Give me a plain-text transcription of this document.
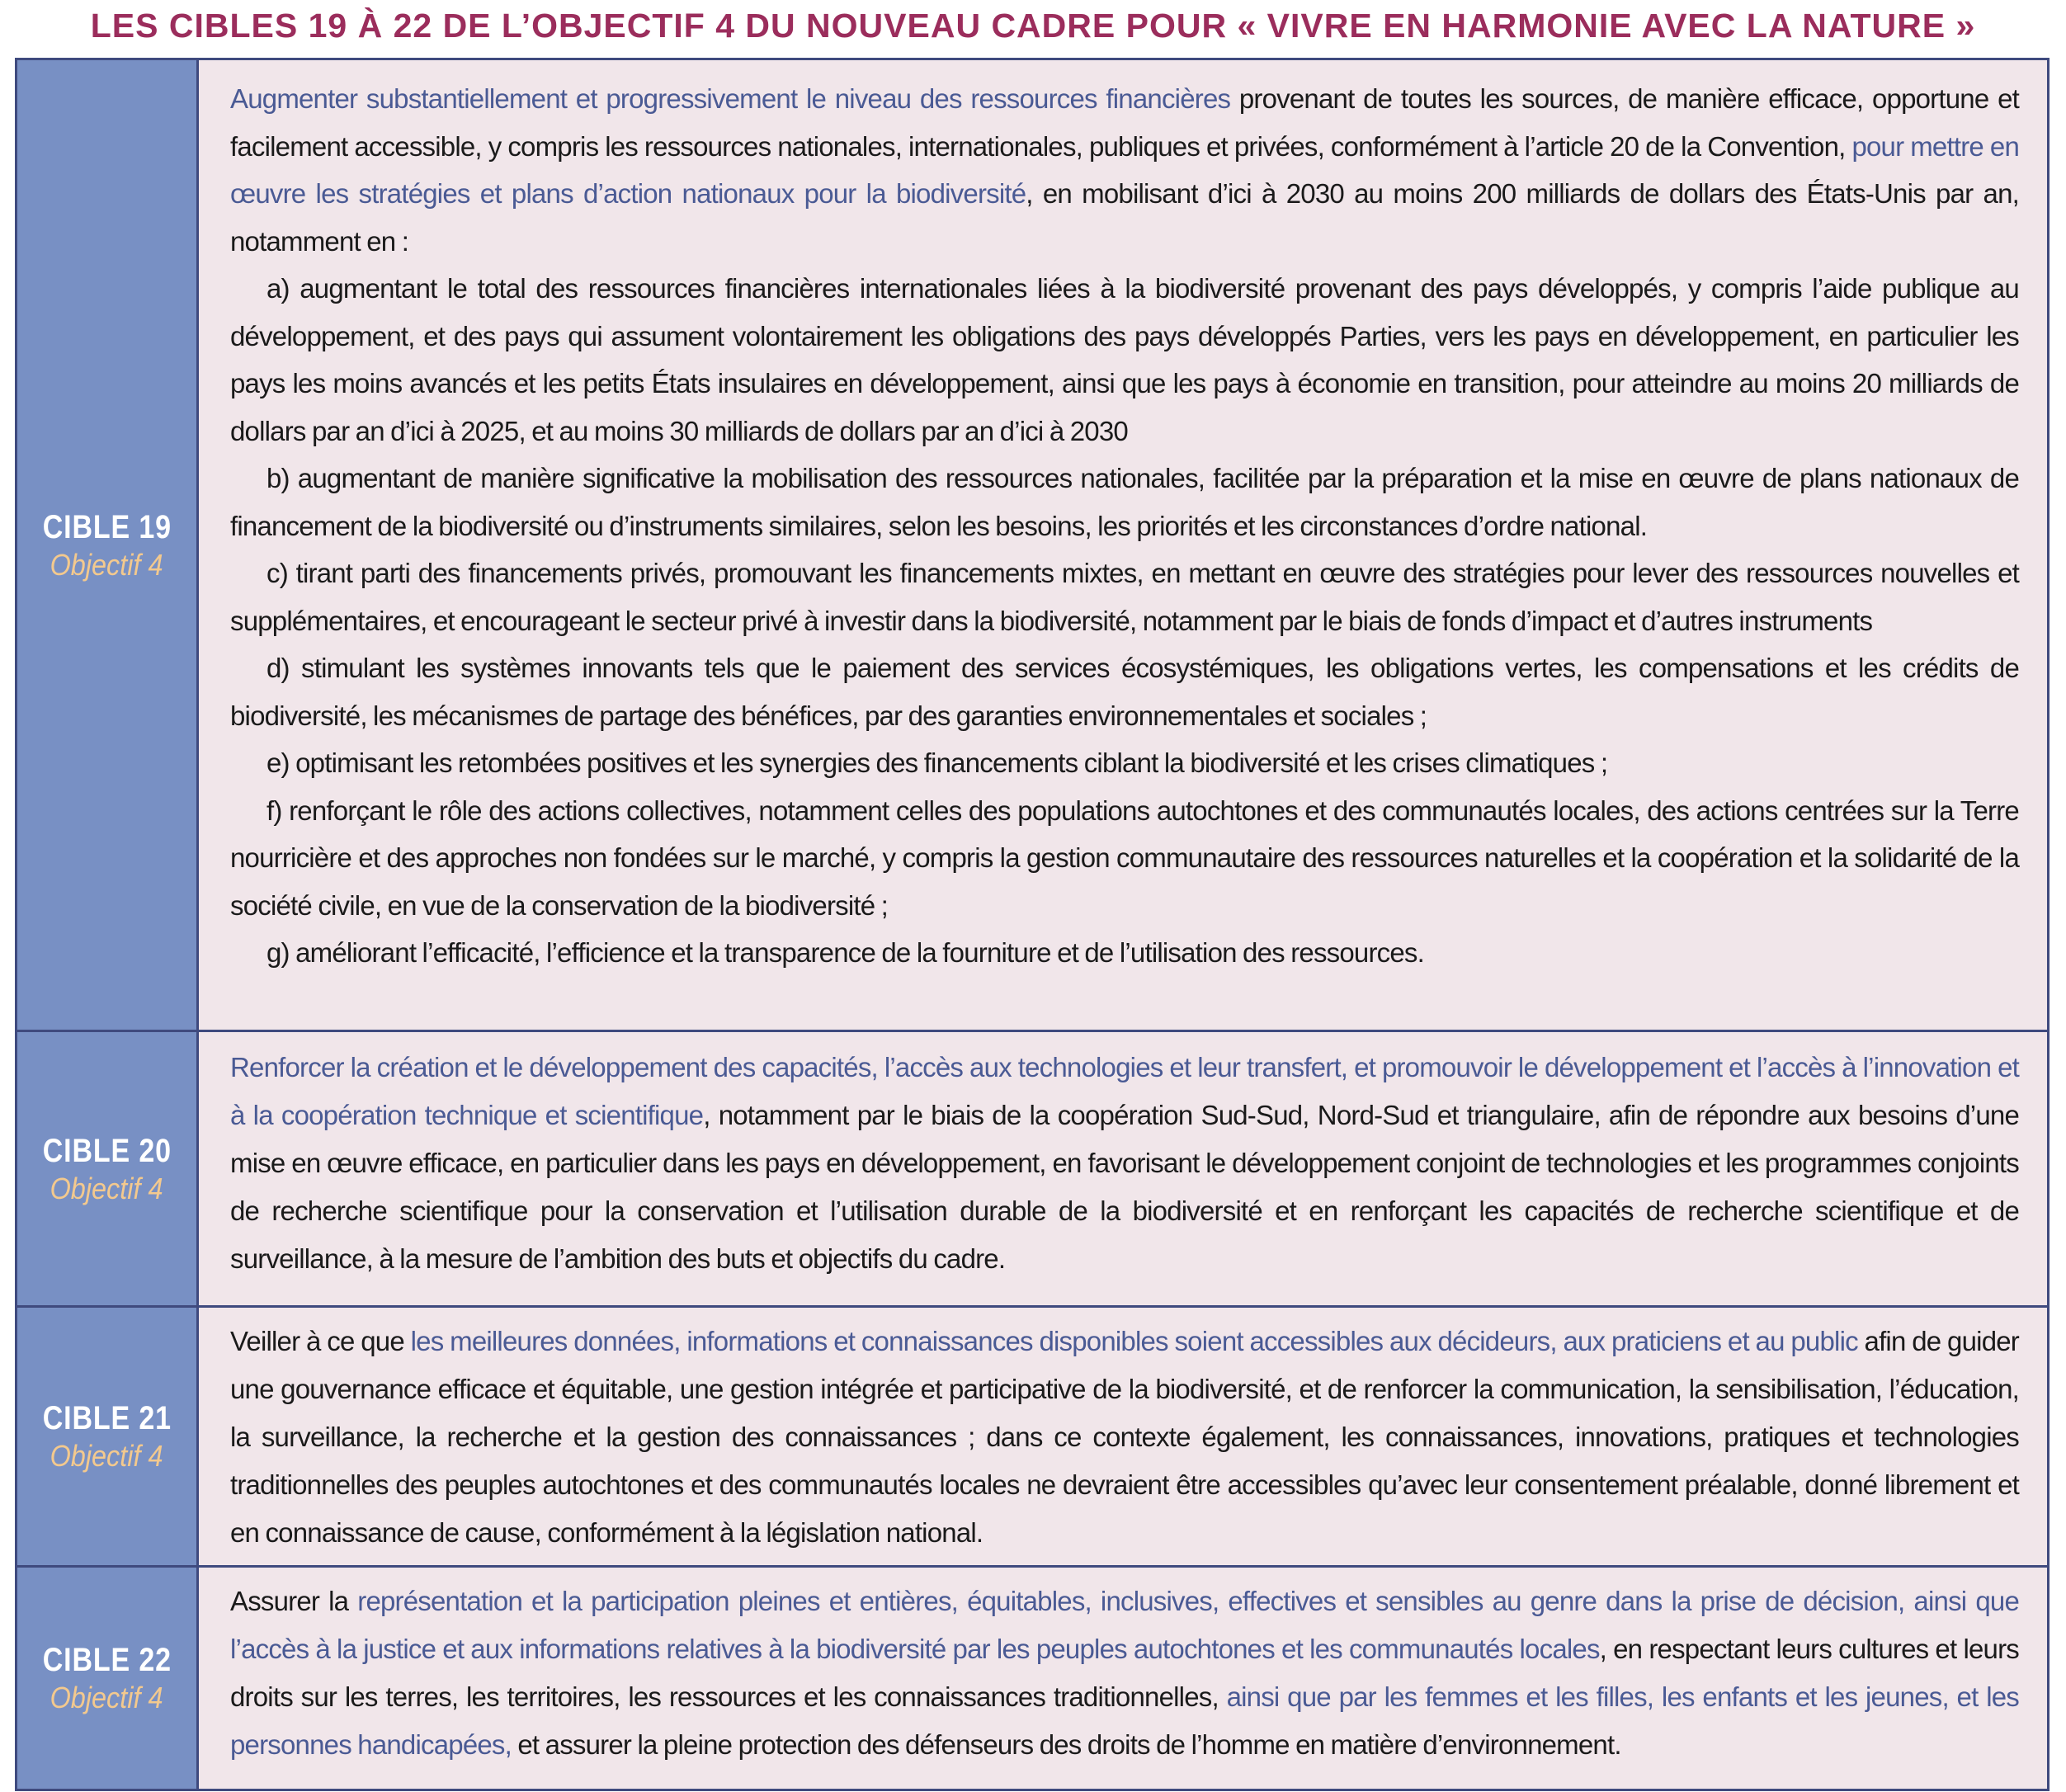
LES CIBLES 19 À 22 DE L’OBJECTIF 4 DU NOUVEAU CADRE POUR « VIVRE EN HARMONIE AVEC LA NATURE »
CIBLE 19
Objectif 4

Augmenter substantiellement et progressivement le niveau des ressources financières provenant de toutes les sources, de manière efficace, opportune et facilement accessible, y compris les ressources nationales, internationales, publiques et privées, conformément à l’article 20 de la Convention, pour mettre en œuvre les stratégies et plans d’action nationaux pour la biodiversité, en mobilisant d’ici à 2030 au moins 200 milliards de dollars des États-Unis par an, notamment en :

a) augmentant le total des ressources financières internationales liées à la biodiversité provenant des pays développés, y compris l’aide publique au développement, et des pays qui assument volontairement les obligations des pays développés Parties, vers les pays en développement, en particulier les pays les moins avancés et les petits États insulaires en développement, ainsi que les pays à économie en transition, pour atteindre au moins 20 milliards de dollars par an d’ici à 2025, et au moins 30 milliards de dollars par an d’ici à 2030

b) augmentant de manière significative la mobilisation des ressources nationales, facilitée par la préparation et la mise en œuvre de plans nationaux de financement de la biodiversité ou d’instruments similaires, selon les besoins, les priorités et les circonstances d’ordre national.

c) tirant parti des financements privés, promouvant les financements mixtes, en mettant en œuvre des stratégies pour lever des ressources nouvelles et supplémentaires, et encourageant le secteur privé à investir dans la biodiversité, notamment par le biais de fonds d’impact et d’autres instruments

d) stimulant les systèmes innovants tels que le paiement des services écosystémiques, les obligations vertes, les compensations et les crédits de biodiversité, les mécanismes de partage des bénéfices, par des garanties environnementales et sociales ;

e) optimisant les retombées positives et les synergies des financements ciblant la biodiversité et les crises climatiques ;

f) renforçant le rôle des actions collectives, notamment celles des populations autochtones et des communautés locales, des actions centrées sur la Terre nourricière et des approches non fondées sur le marché, y compris la gestion communautaire des ressources naturelles et la coopération et la solidarité de la société civile, en vue de la conservation de la biodiversité ;

g) améliorant l’efficacité, l’efficience et la transparence de la fourniture et de l’utilisation des ressources.

CIBLE 20
Objectif 4

Renforcer la création et le développement des capacités, l’accès aux technologies et leur transfert, et promouvoir le développement et l’accès à l’innovation et à la coopération technique et scientifique, notamment par le biais de la coopération Sud-Sud, Nord-Sud et triangulaire, afin de répondre aux besoins d’une mise en œuvre efficace, en particulier dans les pays en développement, en favorisant le développement conjoint de technologies et les programmes conjoints de recherche scientifique pour la conservation et l’utilisation durable de la biodiversité et en renforçant les capacités de recherche scientifique et de surveillance, à la mesure de l’ambition des buts et objectifs du cadre.

CIBLE 21
Objectif 4

Veiller à ce que les meilleures données, informations et connaissances disponibles soient accessibles aux décideurs, aux praticiens et au public afin de guider une gouvernance efficace et équitable, une gestion intégrée et participative de la biodiversité, et de renforcer la communication, la sensibilisation, l’éducation, la surveillance, la recherche et la gestion des connaissances ; dans ce contexte également, les connaissances, innovations, pratiques et technologies traditionnelles des peuples autochtones et des communautés locales ne devraient être accessibles qu’avec leur consentement préalable, donné librement et en connaissance de cause, conformément à la législation national.

CIBLE 22
Objectif 4

Assurer la représentation et la participation pleines et entières, équitables, inclusives, effectives et sensibles au genre dans la prise de décision, ainsi que l’accès à la justice et aux informations relatives à la biodiversité par les peuples autochtones et les communautés locales, en respectant leurs cultures et leurs droits sur les terres, les territoires, les ressources et les connaissances traditionnelles, ainsi que par les femmes et les filles, les enfants et les jeunes, et les personnes handicapées, et assurer la pleine protection des défenseurs des droits de l’homme en matière d’environnement.
